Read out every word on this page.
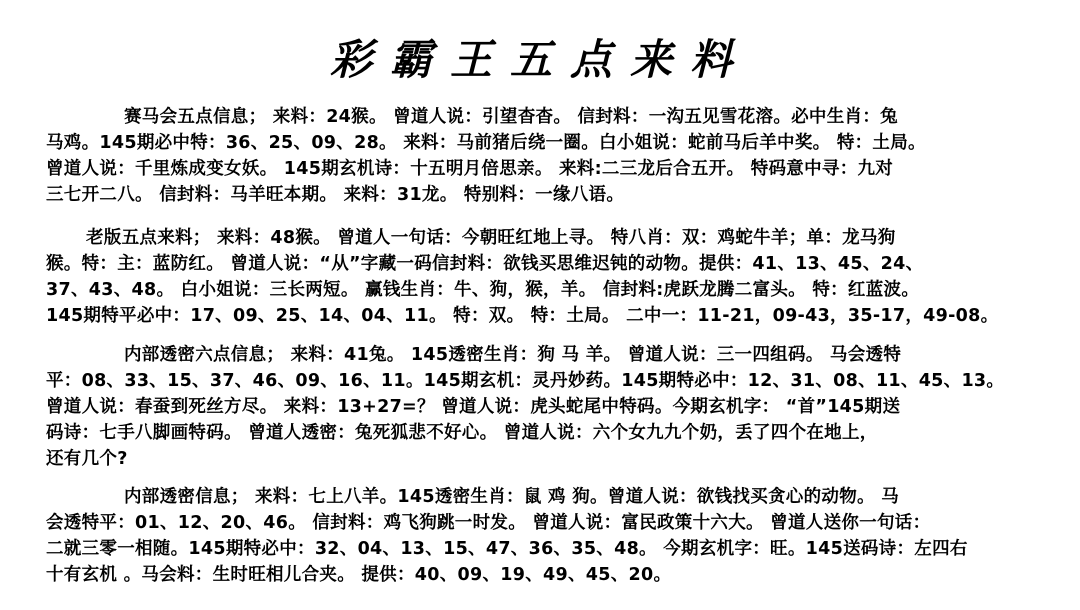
彩霸王五点来料
赛马会五点信息； 来料：24猴。 曾道人说：引望杳杳。 信封料：一沟五见雪花溶。必中生肖：兔
马鸡。145期必中特：36、25、09、28。 来料：马前猪后绕一圈。白小姐说：蛇前马后羊中奖。 特：土局。
曾道人说：千里炼成变女妖。 145期玄机诗：十五明月倍思亲。 来料:二三龙后合五开。 特码意中寻：九对
三七开二八。 信封料：马羊旺本期。 来料：31龙。 特别料：一缘八语。
老版五点来料； 来料：48猴。 曾道人一句话：今朝旺红地上寻。 特八肖：双：鸡蛇牛羊；单：龙马狗
猴。特：主：蓝防红。 曾道人说：“从”字藏一码信封料：欲钱买思维迟钝的动物。提供：41、13、45、24、
37、43、48。 白小姐说：三长两短。 赢钱生肖：牛、狗，猴，羊。 信封料:虎跃龙腾二富头。 特：红蓝波。
145期特平必中：17、09、25、14、04、11。 特：双。 特：土局。 二中一：11-21，09-43，35-17，49-08。
内部透密六点信息； 来料：41兔。 145透密生肖：狗 马 羊。 曾道人说：三一四组码。 马会透特
平：08、33、15、37、46、09、16、11。145期玄机：灵丹妙药。145期特必中：12、31、08、11、45、13。
曾道人说：春蚕到死丝方尽。 来料：13+27=？ 曾道人说：虎头蛇尾中特码。今期玄机字： “首”145期送
码诗：七手八脚画特码。 曾道人透密：兔死狐悲不好心。 曾道人说：六个女九九个奶，丢了四个在地上，
还有几个?
内部透密信息； 来料：七上八羊。145透密生肖：鼠 鸡 狗。曾道人说：欲钱找买贪心的动物。 马
会透特平：01、12、20、46。 信封料：鸡飞狗跳一时发。 曾道人说：富民政策十六大。 曾道人送你一句话：
二就三零一相随。145期特必中：32、04、13、15、47、36、35、48。 今期玄机字：旺。145送码诗：左四右
十有玄机 。马会料：生时旺相儿合夹。 提供：40、09、19、49、45、20。
